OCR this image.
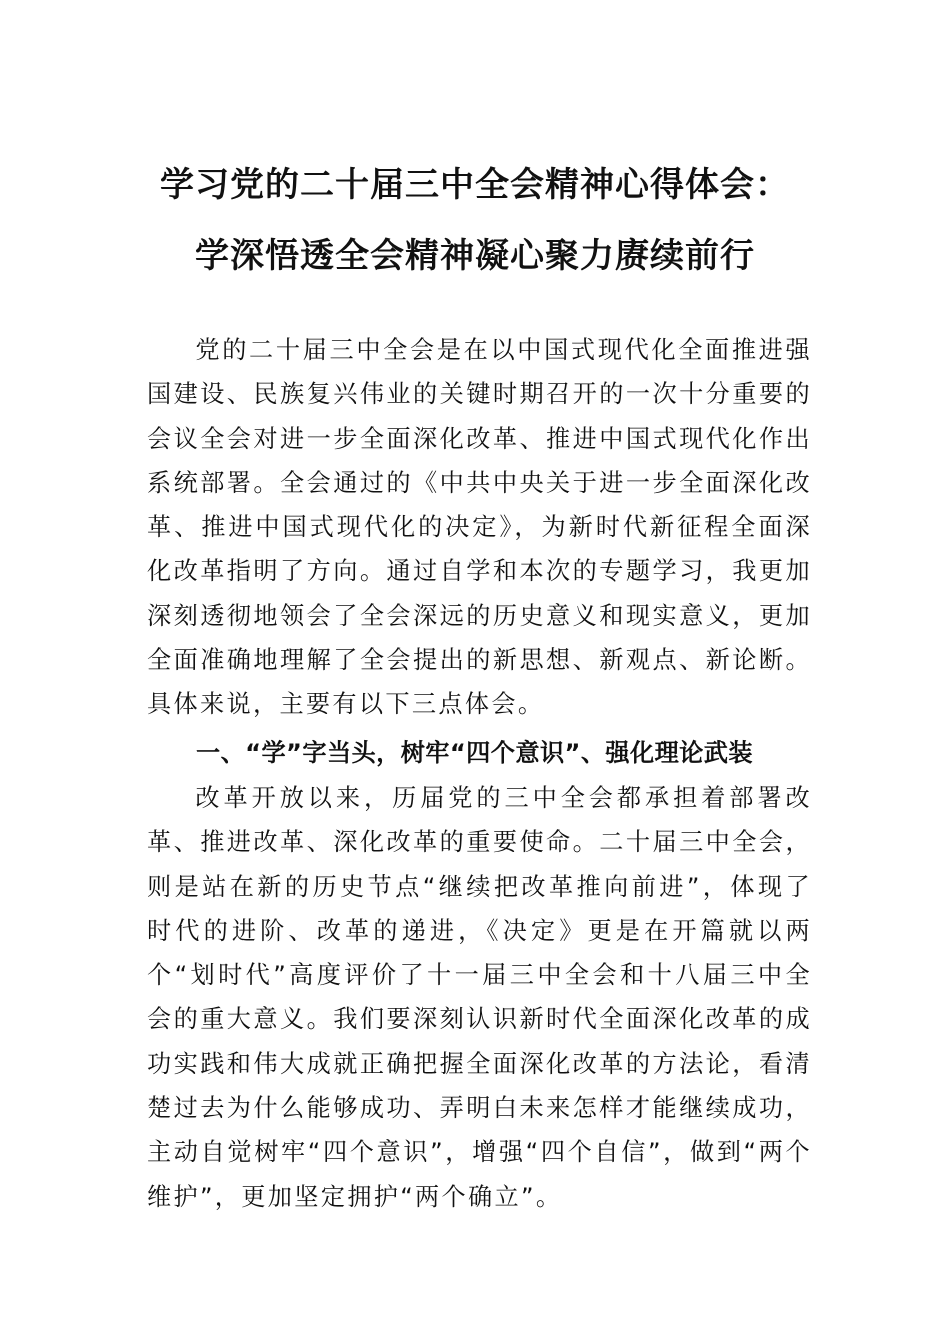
学习党的二十届三中全会精神心得体会：
学深悟透全会精神凝心聚力赓续前行

党的二十届三中全会是在以中国式现代化全面推进强国建设、民族复兴伟业的关键时期召开的一次十分重要的会议全会对进一步全面深化改革、推进中国式现代化作出系统部署。全会通过的《中共中央关于进一步全面深化改革、推进中国式现代化的决定》，为新时代新征程全面深化改革指明了方向。通过自学和本次的专题学习，我更加深刻透彻地领会了全会深远的历史意义和现实意义，更加全面准确地理解了全会提出的新思想、新观点、新论断。具体来说，主要有以下三点体会。

一、“学”字当头，树牢“四个意识”、强化理论武装

改革开放以来，历届党的三中全会都承担着部署改革、推进改革、深化改革的重要使命。二十届三中全会，则是站在新的历史节点“继续把改革推向前进”，体现了时代的进阶、改革的递进，《决定》更是在开篇就以两个“划时代”高度评价了十一届三中全会和十八届三中全会的重大意义。我们要深刻认识新时代全面深化改革的成功实践和伟大成就正确把握全面深化改革的方法论，看清楚过去为什么能够成功、弄明白未来怎样才能继续成功，主动自觉树牢“四个意识”，增强“四个自信”，做到“两个维护”，更加坚定拥护“两个确立”。
